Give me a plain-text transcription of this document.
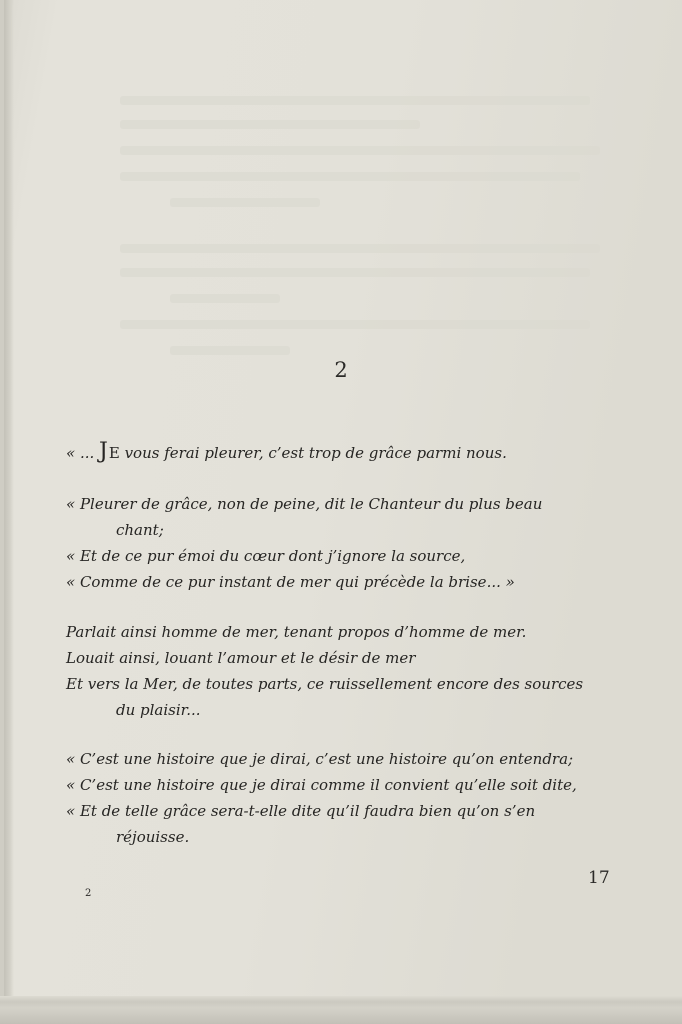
2
« ... JE vous ferai pleurer, c’est trop de grâce parmi nous.
« Pleurer de grâce, non de peine, dit le Chanteur du plus beau
chant;
« Et de ce pur émoi du cœur dont j’ignore la source,
« Comme de ce pur instant de mer qui précède la brise... »
Parlait ainsi homme de mer, tenant propos d’homme de mer.
Louait ainsi, louant l’amour et le désir de mer
Et vers la Mer, de toutes parts, ce ruissellement encore des sources
du plaisir...
« C’est une histoire que je dirai, c’est une histoire qu’on entendra;
« C’est une histoire que je dirai comme il convient qu’elle soit dite,
« Et de telle grâce sera-t-elle dite qu’il faudra bien qu’on s’en
réjouisse.
17
2
